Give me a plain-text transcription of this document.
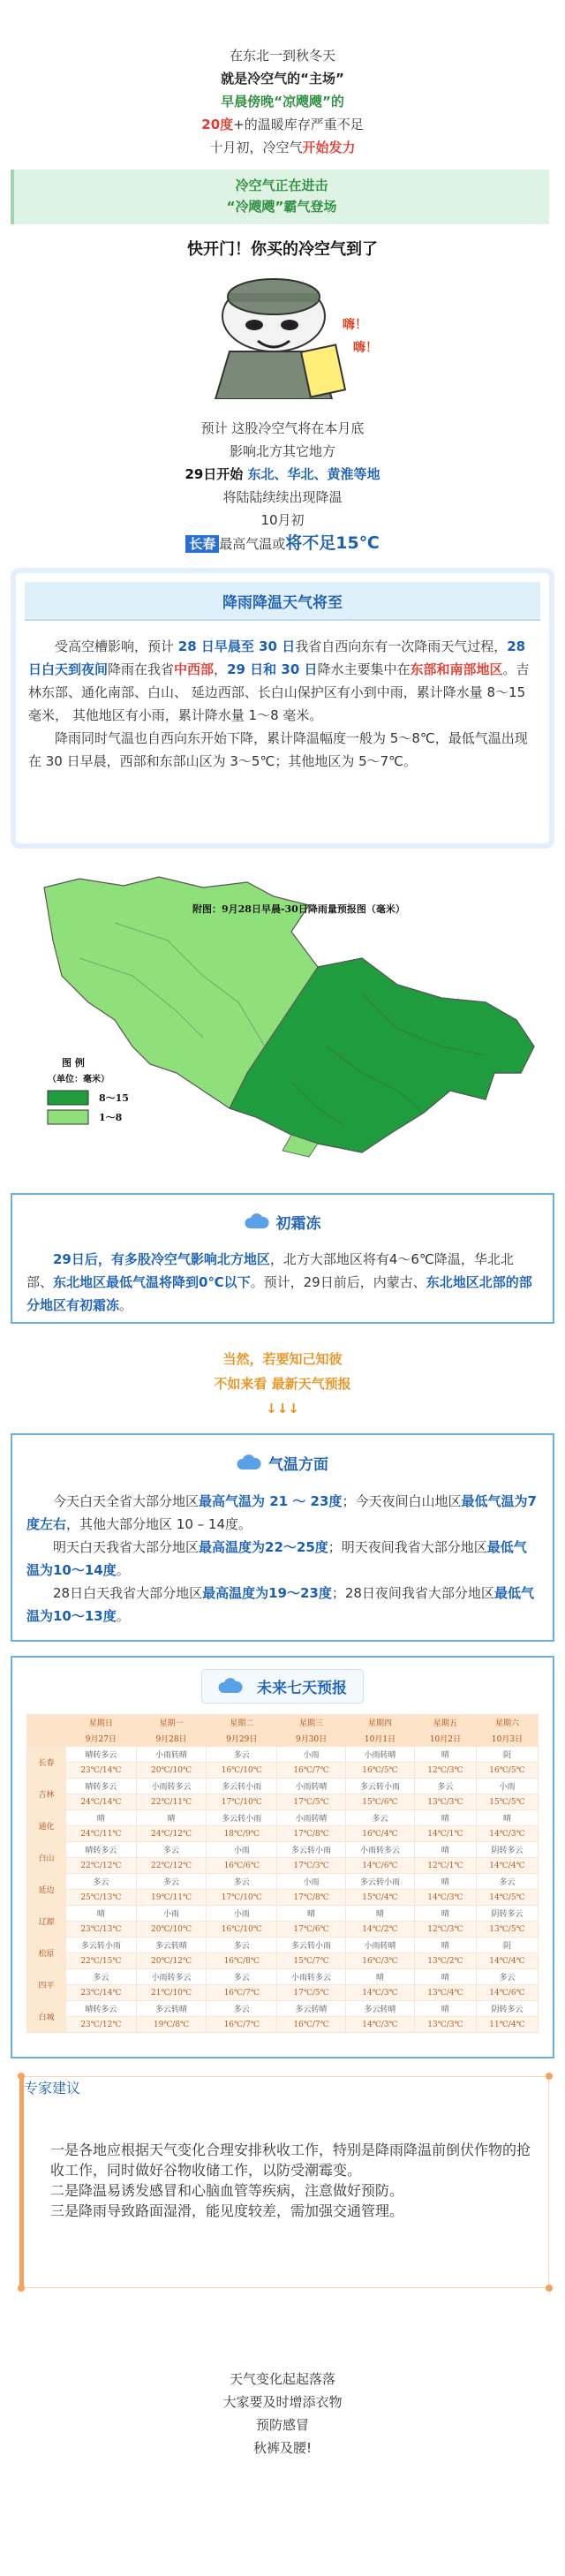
在东北一到秋冬天
就是冷空气的“主场”
早晨傍晚“凉飕飕”的
20度+的温暖库存严重不足
十月初，冷空气开始发力
冷空气正在进击
“冷飕飕”霸气登场
快开门！你买的冷空气到了
嗨！
嗨！
预计 这股冷空气将在本月底
影响北方其它地方
29日开始 东北、华北、黄淮等地
将陆陆续续出现降温
10月初
长春 最高气温或将不足15℃
降雨降温天气将至

受高空槽影响，预计 28 日早晨至 30 日我省自西向东有一次降雨天气过程，28 日白天到夜间降雨在我省中西部，29 日和 30 日降水主要集中在东部和南部地区。吉林东部、通化南部、白山、 延边西部、长白山保护区有小到中雨，累计降水量 8～15 毫米， 其他地区有小雨，累计降水量 1～8 毫米。

降雨同时气温也自西向东开始下降，累计降温幅度一般为 5～8℃，最低气温出现在 30 日早晨，西部和东部山区为 3～5℃；其他地区为 5～7℃。

附图：9月28日早晨-30日降雨量预报图（毫米）
图 例
（单位：毫米）
8～15
1～8
初霜冻

29日后，有多股冷空气影响北方地区，北方大部地区将有4～6℃降温，华北北部、东北地区最低气温将降到0℃以下。预计，29日前后，内蒙古、东北地区北部的部分地区有初霜冻。

当然，若要知己知彼
不如来看 最新天气预报
↓↓↓
气温方面

今天白天全省大部分地区最高气温为 21 ～ 23度；今天夜间白山地区最低气温为7度左右，其他大部分地区 10 – 14度。

明天白天我省大部分地区最高温度为22～25度；明天夜间我省大部分地区最低气温为10～14度。

28日白天我省大部分地区最高温度为19～23度；28日夜间我省大部分地区最低气温为10～13度。

未来七天预报
	星期日	星期一	星期二	星期三	星期四	星期五	星期六
	9月27日	9月28日	9月29日	9月30日	10月1日	10月2日	10月3日
长春	晴转多云	小雨转晴	多云	小雨	小雨转晴	晴	阴
	23℃/14℃	20℃/10℃	16℃/10℃	16℃/7℃	16℃/5℃	12℃/3℃	16℃/5℃
吉林	晴转多云	小雨转多云	多云转小雨	小雨转晴	多云转小雨	多云	小雨
	24℃/14℃	22℃/11℃	17℃/10℃	17℃/5℃	15℃/6℃	13℃/3℃	15℃/5℃
通化	晴	晴	多云转小雨	小雨转晴	多云	晴	晴
	24℃/11℃	24℃/12℃	18℃/9℃	17℃/8℃	16℃/4℃	14℃/1℃	14℃/3℃
白山	晴转多云	多云	小雨	多云转小雨	小雨转多云	晴	阴转多云
	22℃/12℃	22℃/12℃	16℃/6℃	17℃/3℃	14℃/6℃	12℃/1℃	14℃/4℃
延边	多云	多云	多云	小雨	多云转小雨	晴	多云
	25℃/13℃	19℃/11℃	17℃/10℃	17℃/8℃	15℃/4℃	14℃/3℃	14℃/5℃
辽源	晴	小雨	小雨	晴	晴	晴	阴转多云
	23℃/13℃	20℃/10℃	16℃/10℃	17℃/6℃	14℃/2℃	12℃/3℃	13℃/5℃
松原	多云转小雨	多云转晴	多云	多云转小雨	小雨转晴	晴	阴
	22℃/15℃	20℃/12℃	16℃/8℃	15℃/7℃	16℃/3℃	13℃/2℃	14℃/4℃
四平	多云	小雨转多云	多云	小雨转多云	晴	晴	多云
	23℃/14℃	21℃/10℃	16℃/7℃	17℃/5℃	14℃/3℃	13℃/4℃	14℃/6℃
白城	晴转多云	多云转晴	多云	多云转晴	多云转晴	晴	阴转多云
	23℃/12℃	19℃/8℃	16℃/7℃	16℃/7℃	14℃/3℃	13℃/3℃	11℃/4℃
专家建议

一是各地应根据天气变化合理安排秋收工作，特别是降雨降温前倒伏作物的抢收工作，同时做好谷物收储工作，以防受潮霉变。

二是降温易诱发感冒和心脑血管等疾病，注意做好预防。

三是降雨导致路面湿滑，能见度较差，需加强交通管理。

天气变化起起落落
大家要及时增添衣物
预防感冒
秋裤及腰!
